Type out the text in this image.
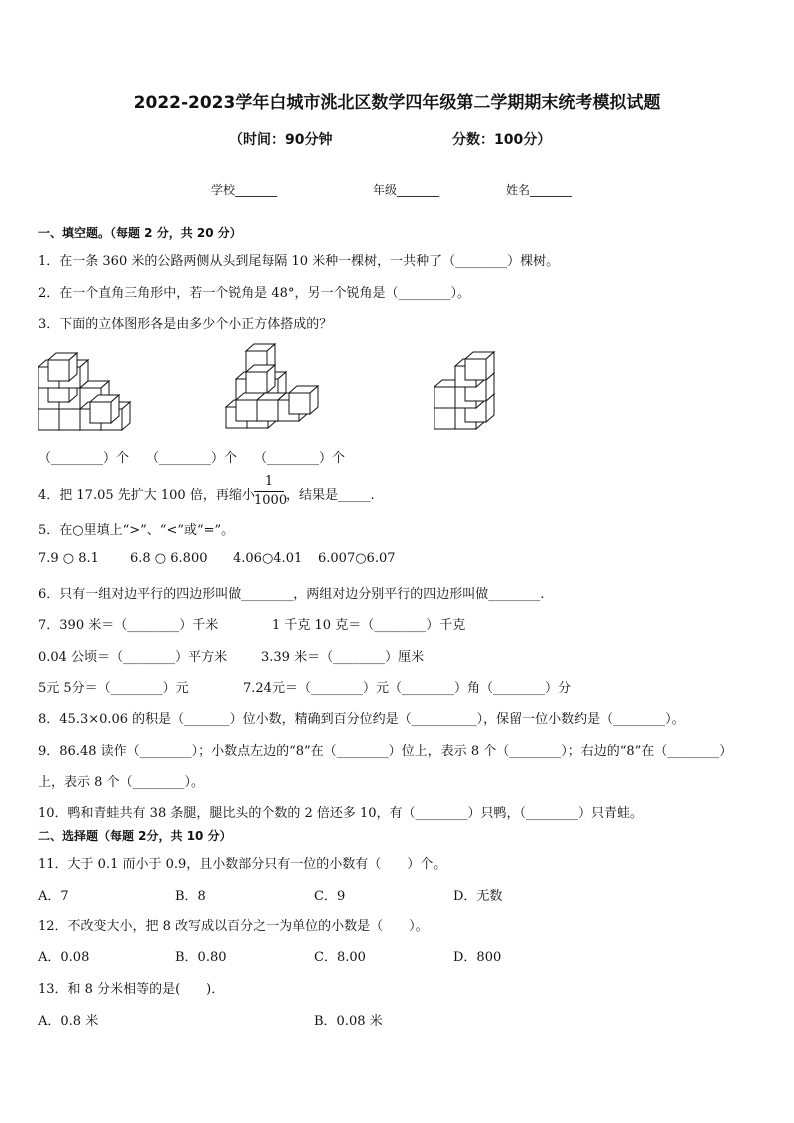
2022-2023学年白城市洮北区数学四年级第二学期期末统考模拟试题
（时间：90分钟	分数：100分）
学校_______	年级_______	姓名_______
一、填空题。（每题 2 分，共 20 分）
1．在一条 360 米的公路两侧从头到尾每隔 10 米种一棵树，一共种了（________）棵树。
2．在一个直角三角形中，若一个锐角是 48°，另一个锐角是（________）。
3．下面的立体图形各是由多少个小正方体搭成的？
（________）个 （________）个 （________）个
4．把 17.05 先扩大 100 倍，再缩小 $\frac{1}{1000}$ ，结果是_____.
5．在○里填上“>”、“<”或“=”。
7.9 ○ 8.1 6.8 ○ 6.800 4.06○4.01 6.007○6.07
6．只有一组对边平行的四边形叫做________，两组对边分别平行的四边形叫做________.
7．390 米＝（________）千米	1 千克 10 克＝（________）千克
0.04 公顷＝（________）平方米	3.39 米＝（________）厘米
5元 5分＝（________）元	7.24元＝（________）元（________）角（________）分
8．45.3×0.06 的积是（_______）位小数，精确到百分位约是（__________），保留一位小数约是（________）。
9．86.48 读作（________）；小数点左边的“8”在（________）位上，表示 8 个（________）；右边的“8”在（________）
上，表示 8 个（________）。
10．鸭和青蛙共有 38 条腿，腿比头的个数的 2 倍还多 10，有（________）只鸭，（________）只青蛙。
二、选择题（每题 2分，共 10 分）
11．大于 0.1 而小于 0.9，且小数部分只有一位的小数有（　　）个。
A．7	B．8	C．9	D．无数
12．不改变大小，把 8 改写成以百分之一为单位的小数是（　　）。
A．0.08	B．0.80	C．8.00	D．800
13．和 8 分米相等的是(　　)．
A．0.8 米	B．0.08 米
